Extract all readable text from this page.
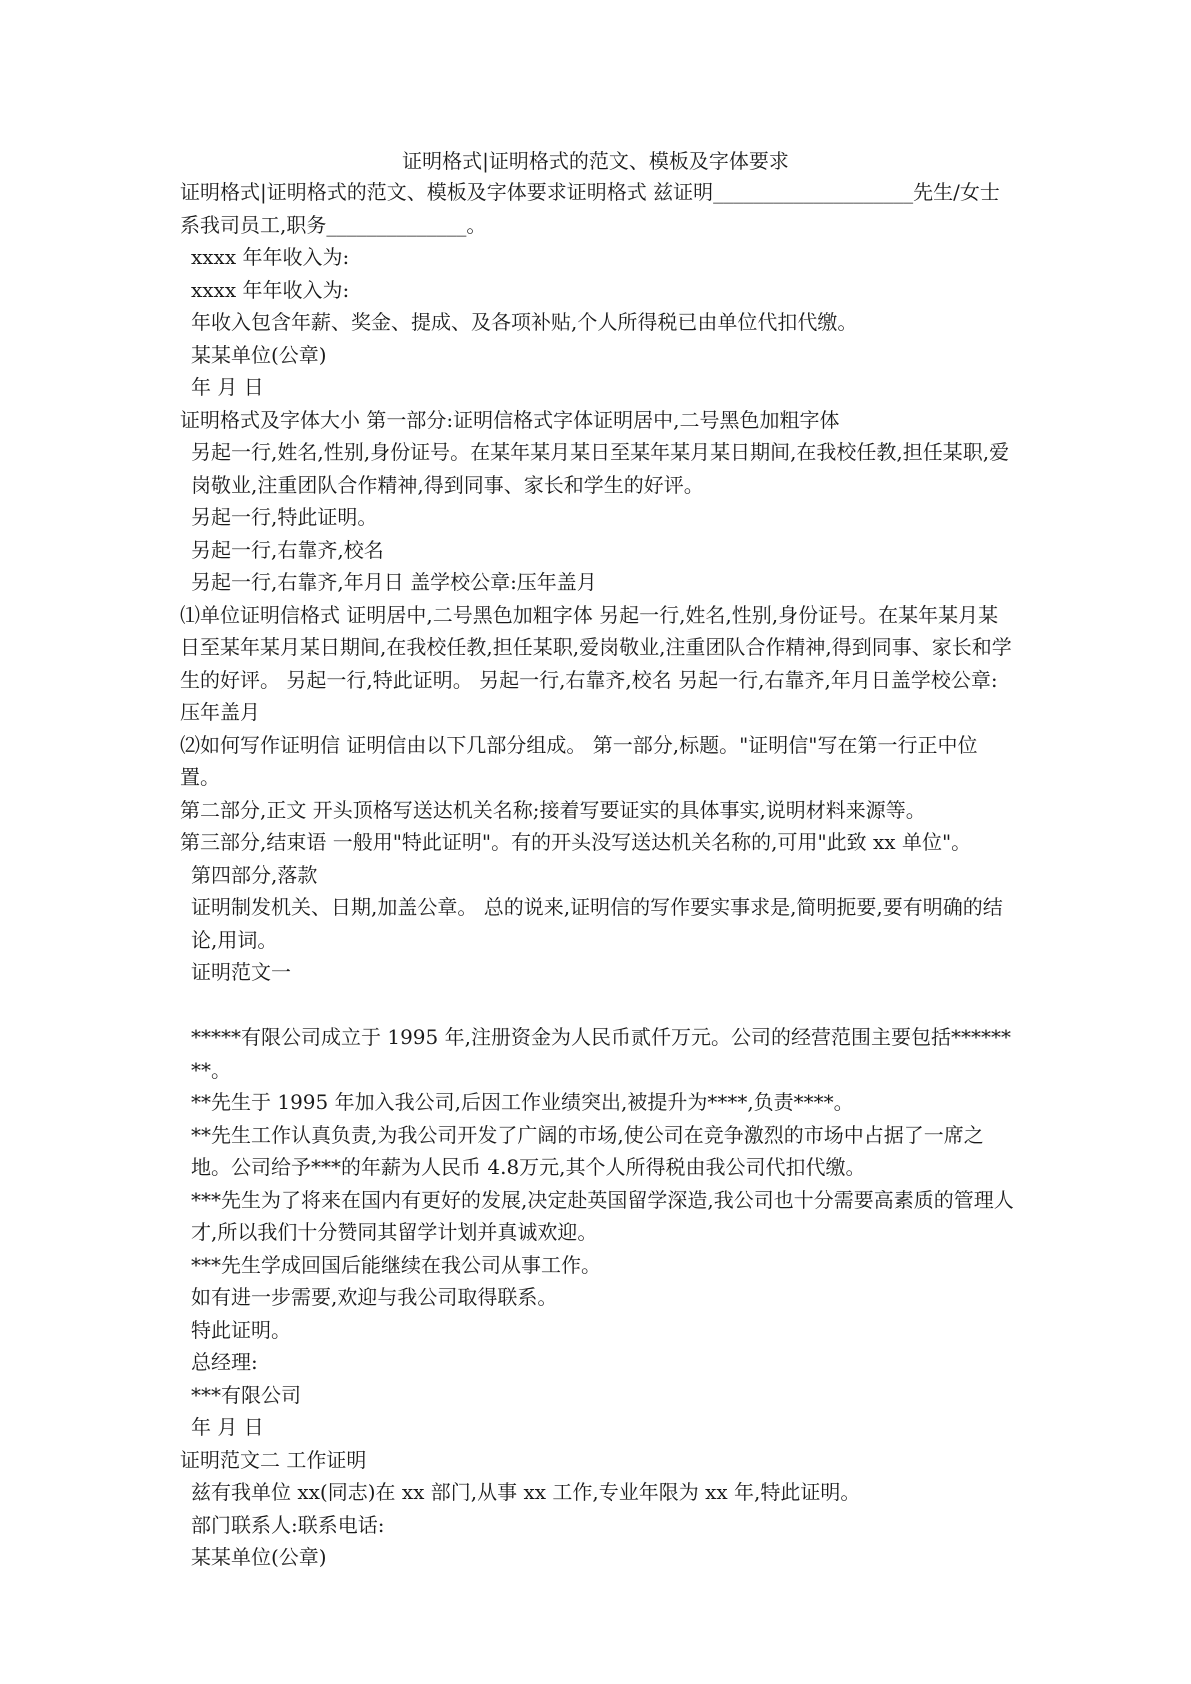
证明格式|证明格式的范文、模板及字体要求

证明格式|证明格式的范文、模板及字体要求证明格式 兹证明____________________先生/女士系我司员工,职务______________。

xxxx 年年收入为:

xxxx 年年收入为:

年收入包含年薪、奖金、提成、及各项补贴,个人所得税已由单位代扣代缴。

某某单位(公章)

年 月 日

证明格式及字体大小 第一部分:证明信格式字体证明居中,二号黑色加粗字体

另起一行,姓名,性别,身份证号。在某年某月某日至某年某月某日期间,在我校任教,担任某职,爱岗敬业,注重团队合作精神,得到同事、家长和学生的好评。

另起一行,特此证明。

另起一行,右靠齐,校名

另起一行,右靠齐,年月日 盖学校公章:压年盖月

⑴单位证明信格式 证明居中,二号黑色加粗字体 另起一行,姓名,性别,身份证号。在某年某月某日至某年某月某日期间,在我校任教,担任某职,爱岗敬业,注重团队合作精神,得到同事、家长和学生的好评。 另起一行,特此证明。 另起一行,右靠齐,校名 另起一行,右靠齐,年月日盖学校公章:压年盖月

⑵如何写作证明信 证明信由以下几部分组成。 第一部分,标题。"证明信"写在第一行正中位置。

第二部分,正文 开头顶格写送达机关名称;接着写要证实的具体事实,说明材料来源等。

第三部分,结束语 一般用"特此证明"。有的开头没写送达机关名称的,可用"此致 xx 单位"。

第四部分,落款

证明制发机关、日期,加盖公章。 总的说来,证明信的写作要实事求是,简明扼要,要有明确的结论,用词。

证明范文一

*****有限公司成立于 1995 年,注册资金为人民币贰仟万元。公司的经营范围主要包括********。

**先生于 1995 年加入我公司,后因工作业绩突出,被提升为****,负责****。

**先生工作认真负责,为我公司开发了广阔的市场,使公司在竞争激烈的市场中占据了一席之地。公司给予***的年薪为人民币 4.8万元,其个人所得税由我公司代扣代缴。

***先生为了将来在国内有更好的发展,决定赴英国留学深造,我公司也十分需要高素质的管理人才,所以我们十分赞同其留学计划并真诚欢迎。

***先生学成回国后能继续在我公司从事工作。

如有进一步需要,欢迎与我公司取得联系。

特此证明。

总经理:

***有限公司

年 月 日

证明范文二 工作证明

兹有我单位 xx(同志)在 xx 部门,从事 xx 工作,专业年限为 xx 年,特此证明。

部门联系人:联系电话:

某某单位(公章)
